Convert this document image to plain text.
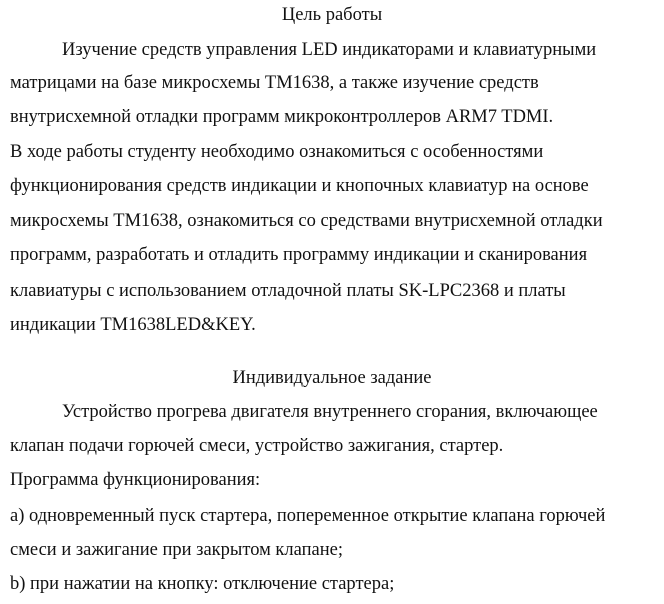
Цель работы
Изучение средств управления LED индикаторами и клавиатурными
матрицами на базе микросхемы TM1638, а также изучение средств
внутрисхемной отладки программ микроконтроллеров ARM7 TDMI.
В ходе работы студенту необходимо ознакомиться с особенностями
функционирования средств индикации и кнопочных клавиатур на основе
микросхемы TM1638, ознакомиться со средствами внутрисхемной отладки
программ, разработать и отладить программу индикации и сканирования
клавиатуры с использованием отладочной платы SK-LPC2368 и платы
индикации TM1638LED&KEY.
Индивидуальное задание
Устройство прогрева двигателя внутреннего сгорания, включающее
клапан подачи горючей смеси, устройство зажигания, стартер.
Программа функционирования:
а) одновременный пуск стартера, попеременное открытие клапана горючей
смеси и зажигание при закрытом клапане;
b) при нажатии на кнопку: отключение стартера;
